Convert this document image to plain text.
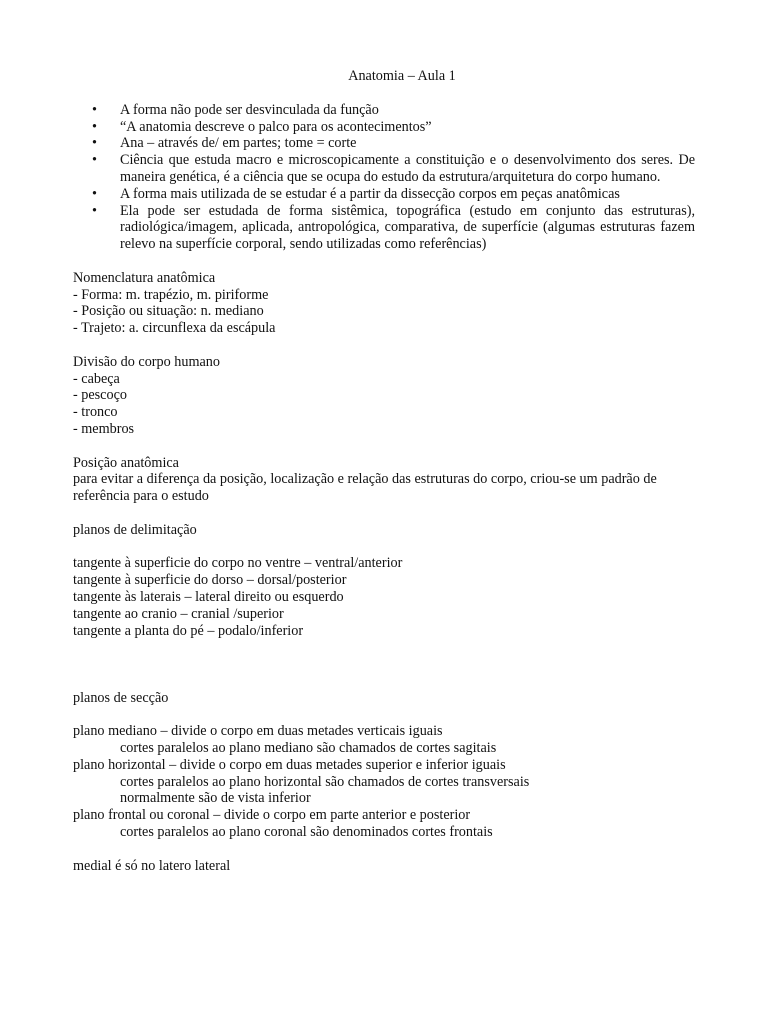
Anatomia – Aula 1
• A forma não pode ser desvinculada da função
• “A anatomia descreve o palco para os acontecimentos”
• Ana – através de/ em partes; tome = corte
• Ciência que estuda macro e microscopicamente a constituição e o desenvolvimento dos seres. De maneira genética, é a ciência que se ocupa do estudo da estrutura/arquitetura do corpo humano.
• A forma mais utilizada de se estudar é a partir da dissecção corpos em peças anatômicas
• Ela pode ser estudada de forma sistêmica, topográfica (estudo em conjunto das estruturas), radiológica/imagem, aplicada, antropológica, comparativa, de superfície (algumas estruturas fazem relevo na superfície corporal, sendo utilizadas como referências)
Nomenclatura anatômica
- Forma: m. trapézio, m. piriforme
- Posição ou situação: n. mediano
- Trajeto: a. circunflexa da escápula
Divisão do corpo humano
- cabeça
- pescoço
- tronco
- membros
Posição anatômica
para evitar a diferença da posição, localização e relação das estruturas do corpo, criou-se um padrão de referência para o estudo
planos de delimitação
tangente à superficie do corpo no ventre – ventral/anterior
tangente à superficie do dorso – dorsal/posterior
tangente às laterais – lateral direito ou esquerdo
tangente ao cranio – cranial /superior
tangente a planta do pé – podalo/inferior
planos de secção
plano mediano – divide o corpo em duas metades verticais iguais
cortes paralelos ao plano mediano são chamados de cortes sagitais
plano horizontal – divide o corpo em duas metades superior e inferior iguais
cortes paralelos ao plano horizontal são chamados de cortes transversais
normalmente são de vista inferior
plano frontal ou coronal – divide o corpo em parte anterior e posterior
cortes paralelos ao plano coronal são denominados cortes frontais
medial é só no latero lateral
